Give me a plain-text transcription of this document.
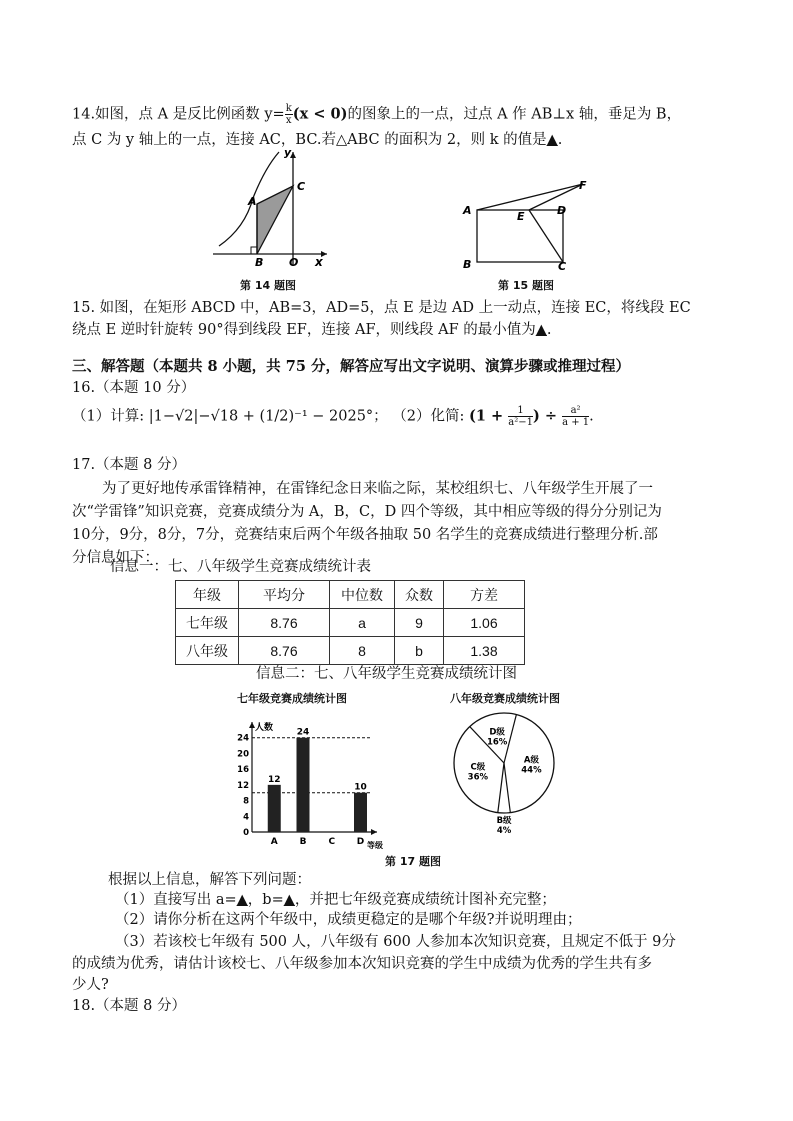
14.如图，点 A 是反比例函数 $y= \frac{k}{x} (x < 0)$的图象上的一点，过点 A 作 AB⊥x 轴，垂足为 B，
点 C 为 y 轴上的一点，连接 AC，BC.若△ABC 的面积为 2，则 k 的值是▲.
y
x
A
C
B O
第 14 题图
A
B	C
D
E
F
第 15 题图
15. 如图，在矩形 ABCD 中，AB=3，AD=5，点 E 是边 AD 上一动点，连接 EC，将线段 EC
绕点 E 逆时针旋转 90°得到线段 EF，连接 AF，则线段 AF 的最小值为▲.
三、解答题（本题共 8 小题，共 75 分，解答应写出文字说明、演算步骤或推理过程）
16.（本题 10 分）
（1）计算: |1−√2|−√18 + (1/2)⁻¹ − 2025°； （2）化简: ($1 + \frac{1}{\text{a²−1}}$ ) ÷ $\frac{\text{a²}}{a + 1}$ .
17.（本题 8 分）
为了更好地传承雷锋精神，在雷锋纪念日来临之际，某校组织七、八年级学生开展了一
次“学雷锋”知识竞赛，竞赛成绩分为 A，B，C，D 四个等级，其中相应等级的得分分别记为
10分，9分，8分，7分，竞赛结束后两个年级各抽取 50 名学生的竞赛成绩进行整理分析.部
分信息如下：
信息一：七、八年级学生竞赛成绩统计表
年级	平均分	中位数	众数	方差
七年级	8.76	a	9	1.06
八年级	8.76	8	b	1.38
信息二：七、八年级学生竞赛成绩统计图
七年级竞赛成绩统计图
人数
等级
0
4
8
12
16
20
24
12
A
24
B C
10
D
八年级竞赛成绩统计图
A级
44%
B级
4%
C级
36%
D级
16%
第 17 题图
根据以上信息，解答下列问题：
（1）直接写出 a=▲，b=▲，并把七年级竞赛成绩统计图补充完整；
（2）请你分析在这两个年级中，成绩更稳定的是哪个年级?并说明理由；
（3）若该校七年级有 500 人，八年级有 600 人参加本次知识竞赛，且规定不低于 9分
的成绩为优秀，请估计该校七、八年级参加本次知识竞赛的学生中成绩为优秀的学生共有多
少人?
18.（本题 8 分）
